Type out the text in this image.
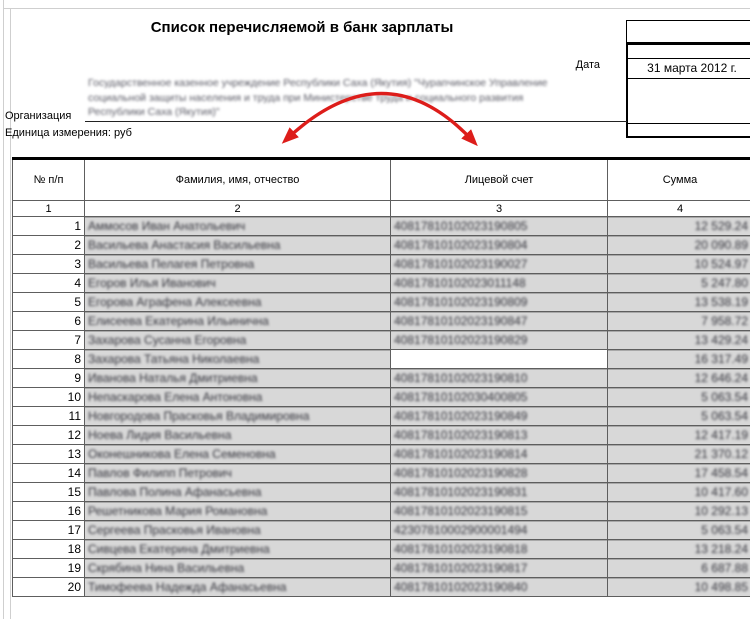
Список перечисляемой в банк зарплаты
Дата	31 марта 2012 г.
Организация
Государственное казенное учреждение Республики Саха (Якутия) "Чурапчинское Управление
социальной защиты населения и труда при Министерстве труда и социального развития
Республики Саха (Якутия)"
Единица измерения: руб
№ п/п	Фамилия, имя, отчество	Лицевой счет	Сумма
1	2	3	4
1	Аммосов Иван Анатольевич	40817810102023190805	12 529.24
2	Васильева Анастасия Васильевна	40817810102023190804	20 090.89
3	Васильева Пелагея Петровна	40817810102023190027	10 524.97
4	Егоров Илья Иванович	40817810102023011148	5 247.80
5	Егорова Аграфена Алексеевна	40817810102023190809	13 538.19
6	Елисеева Екатерина Ильинична	40817810102023190847	7 958.72
7	Захарова Сусанна Егоровна	40817810102023190829	13 429.24
8	Захарова Татьяна Николаевна		16 317.49
9	Иванова Наталья Дмитриевна	40817810102023190810	12 646.24
10	Непаскарова Елена Антоновна	40817810102030400805	5 063.54
11	Новгородова Прасковья Владимировна	40817810102023190849	5 063.54
12	Ноева Лидия Васильевна	40817810102023190813	12 417.19
13	Оконешникова Елена Семеновна	40817810102023190814	21 370.12
14	Павлов Филипп Петрович	40817810102023190828	17 458.54
15	Павлова Полина Афанасьевна	40817810102023190831	10 417.60
16	Решетникова Мария Романовна	40817810102023190815	10 292.13
17	Сергеева Прасковья Ивановна	42307810002900001494	5 063.54
18	Сивцева Екатерина Дмитриевна	40817810102023190818	13 218.24
19	Скрябина Нина Васильевна	40817810102023190817	6 687.88
20	Тимофеева Надежда Афанасьевна	40817810102023190840	10 498.85
